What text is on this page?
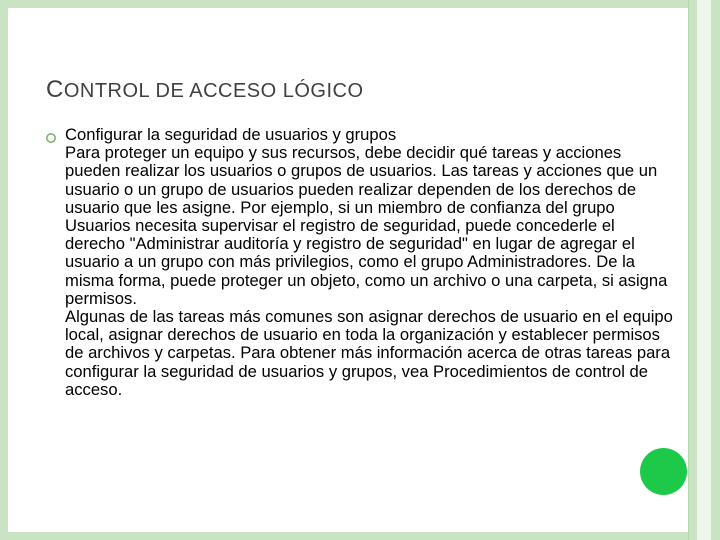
CONTROL DE ACCESO LÓGICO

Configurar la seguridad de usuarios y grupos

Para proteger un equipo y sus recursos, debe decidir qué tareas y acciones pueden realizar los usuarios o grupos de usuarios. Las tareas y acciones que un usuario o un grupo de usuarios pueden realizar dependen de los derechos de usuario que les asigne. Por ejemplo, si un miembro de confianza del grupo Usuarios necesita supervisar el registro de seguridad, puede concederle el derecho "Administrar auditoría y registro de seguridad" en lugar de agregar el usuario a un grupo con más privilegios, como el grupo Administradores. De la misma forma, puede proteger un objeto, como un archivo o una carpeta, si asigna permisos.

Algunas de las tareas más comunes son asignar derechos de usuario en el equipo local, asignar derechos de usuario en toda la organización y establecer permisos de archivos y carpetas. Para obtener más información acerca de otras tareas para configurar la seguridad de usuarios y grupos, vea Procedimientos de control de acceso.
